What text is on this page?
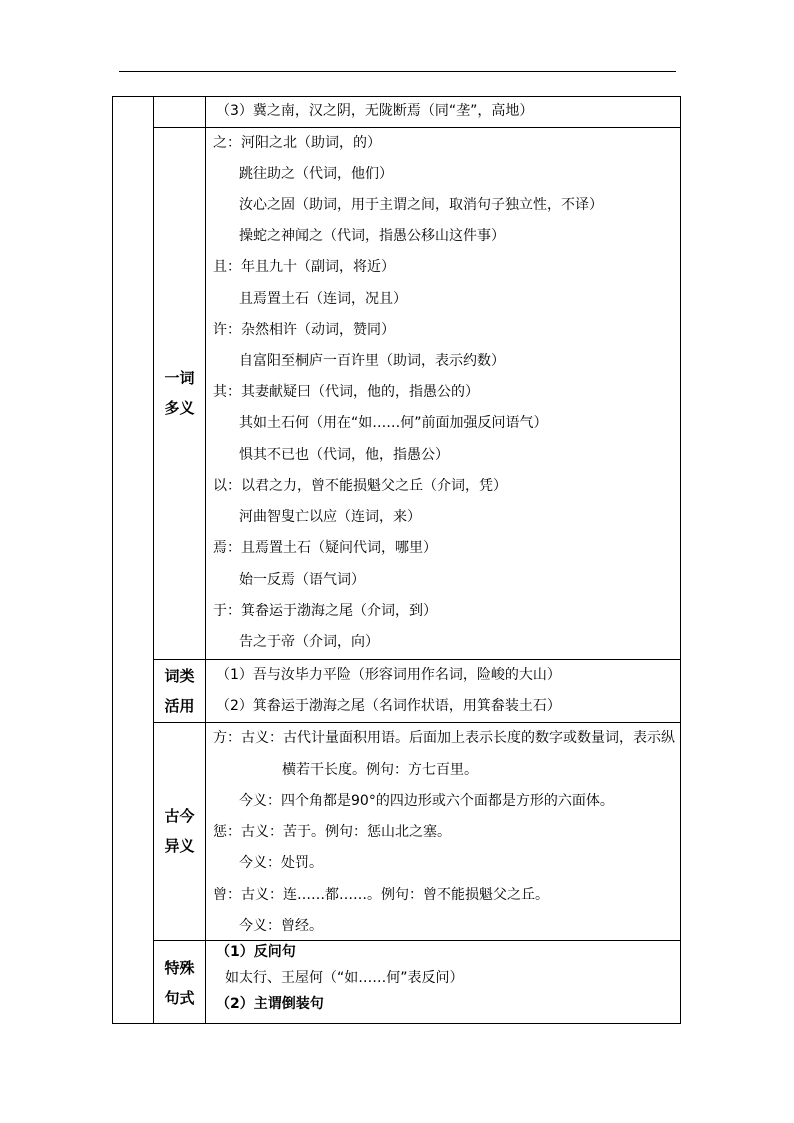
（3）冀之南，汉之阴，无陇断焉（同“垄”，高地）
一词
多义
之：河阳之北（助词，的）
跳往助之（代词，他们）
汝心之固（助词，用于主谓之间，取消句子独立性，不译）
操蛇之神闻之（代词，指愚公移山这件事）
且：年且九十（副词，将近）
且焉置土石（连词，况且）
许：杂然相许（动词，赞同）
自富阳至桐庐一百许里（助词，表示约数）
其：其妻献疑曰（代词，他的，指愚公的）
其如土石何（用在“如……何”前面加强反问语气）
惧其不已也（代词，他，指愚公）
以：以君之力，曾不能损魁父之丘（介词，凭）
河曲智叟亡以应（连词，来）
焉：且焉置土石（疑问代词，哪里）
始一反焉（语气词）
于：箕畚运于渤海之尾（介词，到）
告之于帝（介词，向）
词类
活用
（1）吾与汝毕力平险（形容词用作名词，险峻的大山）
（2）箕畚运于渤海之尾（名词作状语，用箕畚装土石）
古今
异义
方：古义：古代计量面积用语。后面加上表示长度的数字或数量词，表示纵
横若干长度。例句：方七百里。
今义：四个角都是90°的四边形或六个面都是方形的六面体。
惩：古义：苦于。例句：惩山北之塞。
今义：处罚。
曾：古义：连……都……。例句：曾不能损魁父之丘。
今义：曾经。
特殊
句式
（1）反问句
如太行、王屋何（“如……何”表反问）
（2）主谓倒装句
